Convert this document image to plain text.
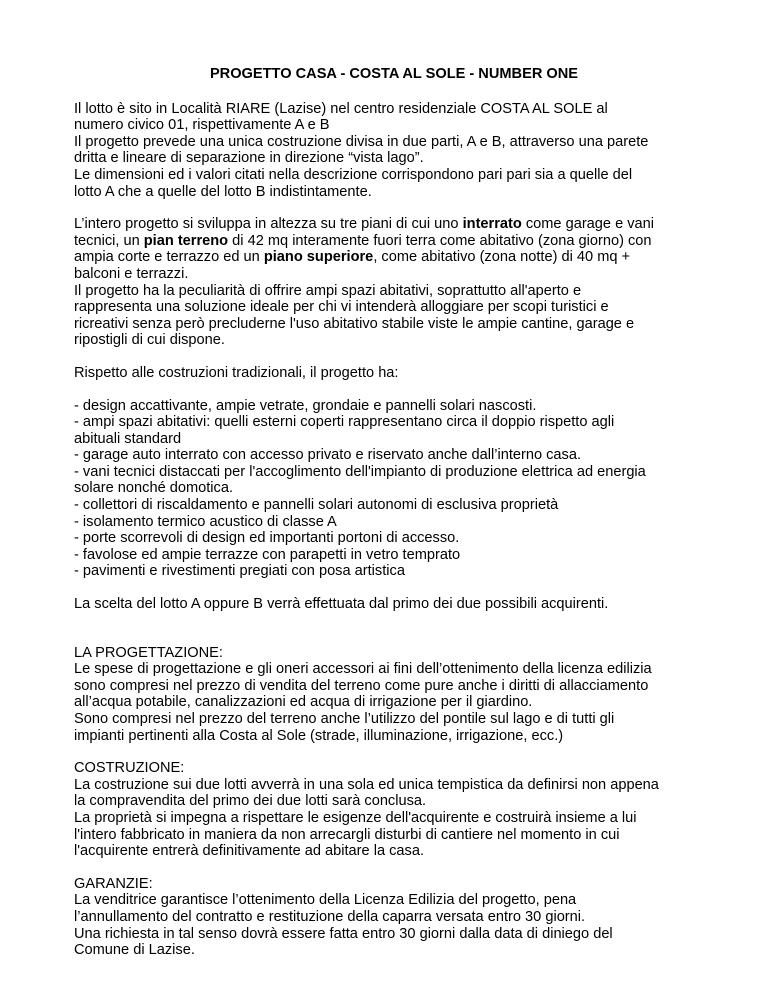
PROGETTO CASA - COSTA AL SOLE - NUMBER ONE

Il lotto è sito in Località RIARE (Lazise) nel centro residenziale COSTA AL SOLE al
numero civico 01, rispettivamente A e B
Il progetto prevede una unica costruzione divisa in due parti, A e B, attraverso una parete
dritta e lineare di separazione in direzione “vista lago”.
Le dimensioni ed i valori citati nella descrizione corrispondono pari pari sia a quelle del
lotto A che a quelle del lotto B indistintamente.

L’intero progetto si sviluppa in altezza su tre piani di cui uno interrato come garage e vani
tecnici, un pian terreno di 42 mq interamente fuori terra come abitativo (zona giorno) con
ampia corte e terrazzo ed un piano superiore, come abitativo (zona notte) di 40 mq +
balconi e terrazzi.
Il progetto ha la peculiarità di offrire ampi spazi abitativi, soprattutto all'aperto e
rappresenta una soluzione ideale per chi vi intenderà alloggiare per scopi turistici e
ricreativi senza però precluderne l'uso abitativo stabile viste le ampie cantine, garage e
ripostigli di cui dispone.

Rispetto alle costruzioni tradizionali, il progetto ha:

- design accattivante, ampie vetrate, grondaie e pannelli solari nascosti.
- ampi spazi abitativi: quelli esterni coperti rappresentano circa il doppio rispetto agli
abituali standard
- garage auto interrato con accesso privato e riservato anche dall’interno casa.
- vani tecnici distaccati per l'accoglimento dell'impianto di produzione elettrica ad energia
solare nonché domotica.
- collettori di riscaldamento e pannelli solari autonomi di esclusiva proprietà
- isolamento termico acustico di classe A
- porte scorrevoli di design ed importanti portoni di accesso.
- favolose ed ampie terrazze con parapetti in vetro temprato
- pavimenti e rivestimenti pregiati con posa artistica

La scelta del lotto A oppure B verrà effettuata dal primo dei due possibili acquirenti.

LA PROGETTAZIONE:
Le spese di progettazione e gli oneri accessori ai fini dell’ottenimento della licenza edilizia
sono compresi nel prezzo di vendita del terreno come pure anche i diritti di allacciamento
all’acqua potabile, canalizzazioni ed acqua di irrigazione per il giardino.
Sono compresi nel prezzo del terreno anche l’utilizzo del pontile sul lago e di tutti gli
impianti pertinenti alla Costa al Sole (strade, illuminazione, irrigazione, ecc.)

COSTRUZIONE:
La costruzione sui due lotti avverrà in una sola ed unica tempistica da definirsi non appena
la compravendita del primo dei due lotti sarà conclusa.
La proprietà si impegna a rispettare le esigenze dell'acquirente e costruirà insieme a lui
l'intero fabbricato in maniera da non arrecargli disturbi di cantiere nel momento in cui
l'acquirente entrerà definitivamente ad abitare la casa.

GARANZIE:
La venditrice garantisce l’ottenimento della Licenza Edilizia del progetto, pena
l’annullamento del contratto e restituzione della caparra versata entro 30 giorni.
Una richiesta in tal senso dovrà essere fatta entro 30 giorni dalla data di diniego del
Comune di Lazise.
